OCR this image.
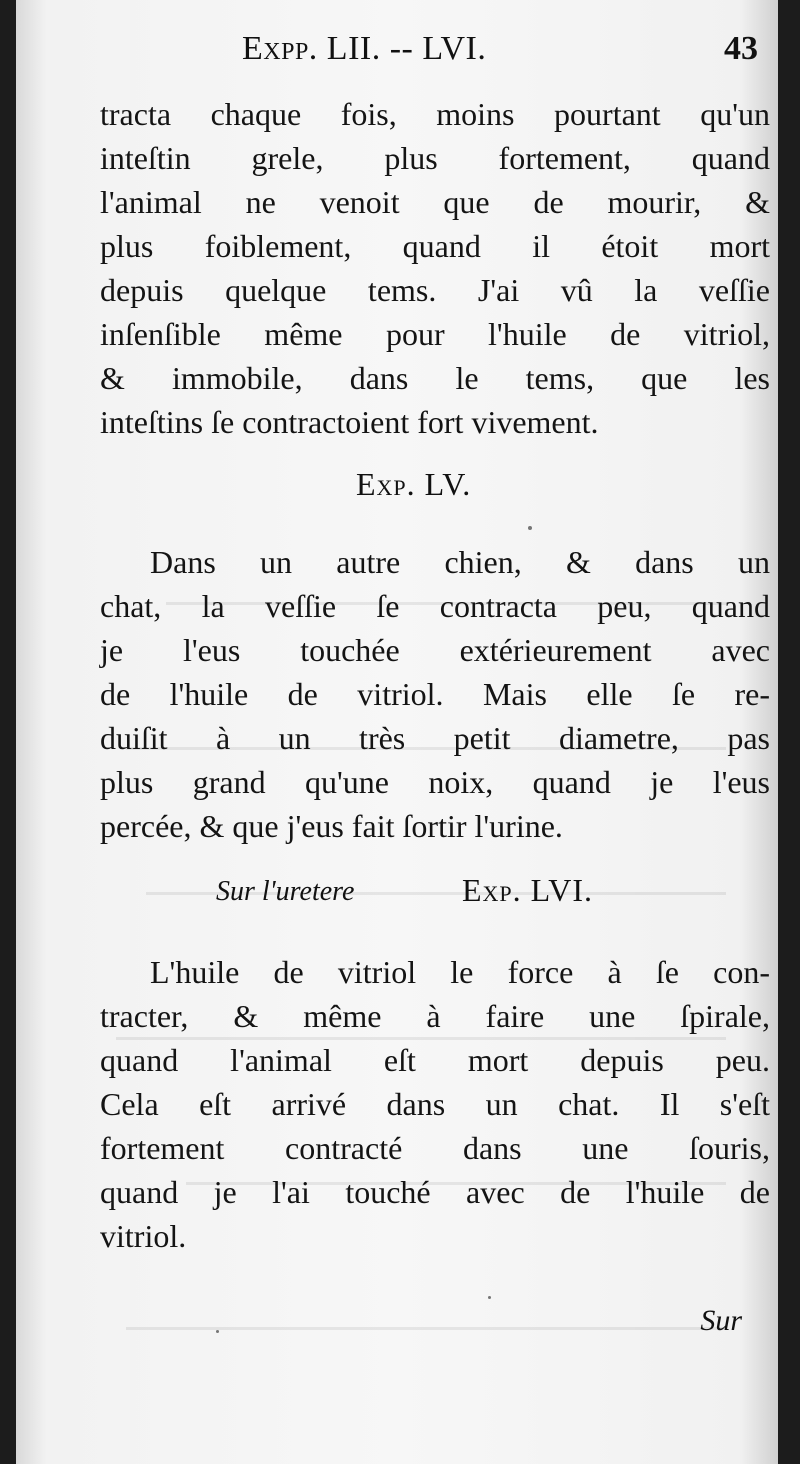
Expp. LII. -- LVI.	43
tracta chaque fois, moins pourtant qu'un
inteſtin grele, plus fortement, quand
l'animal ne venoit que de mourir, &
plus foiblement, quand il étoit mort
depuis quelque tems. J'ai vû la veſſie
inſenſible même pour l'huile de vitriol,
& immobile, dans le tems, que les
inteſtins ſe contractoient fort vivement.
Exp. LV.
Dans un autre chien, & dans un
chat, la veſſie ſe contracta peu, quand
je l'eus touchée extérieurement avec
de l'huile de vitriol. Mais elle ſe re-
duiſit à un très petit diametre, pas
plus grand qu'une noix, quand je l'eus
percée, & que j'eus fait ſortir l'urine.
Sur l'uretere	Exp. LVI.
L'huile de vitriol le force à ſe con-
tracter, & même à faire une ſpirale,
quand l'animal eſt mort depuis peu.
Cela eſt arrivé dans un chat. Il s'eſt
fortement contracté dans une ſouris,
quand je l'ai touché avec de l'huile de
vitriol.
Sur
